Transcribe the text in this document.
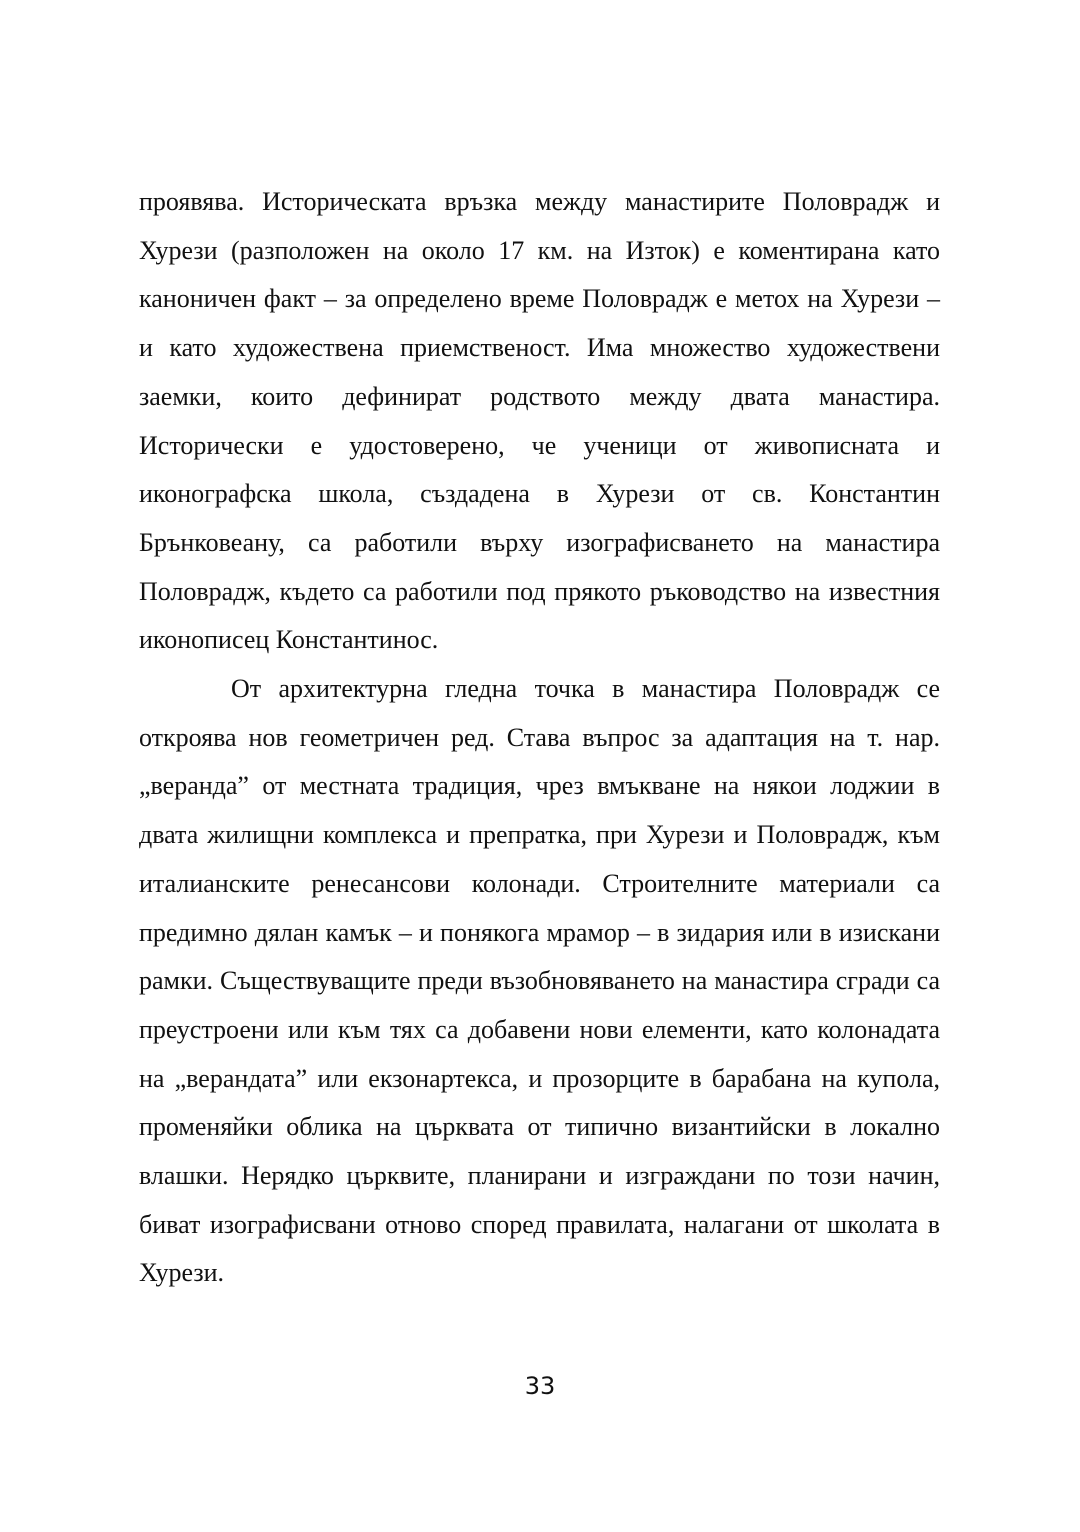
проявява. Историческата връзка между манастирите Половрадж и Хурези (разположен на около 17 км. на Изток) е коментирана като каноничен факт – за определено време Половрадж е метох на Хурези – и като художествена приемственост. Има множество художествени заемки, които дефинират родството между двата манастира. Исторически е удостоверено, че ученици от живописната и иконографска школа, създадена в Хурези от св. Константин Брънковеану, са работили върху изографисването на манастира Половрадж, където са работили под прякото ръководство на известния иконописец Константинос.

От архитектурна гледна точка в манастира Половрадж се откроява нов геометричен ред. Става въпрос за адаптация на т. нар. „веранда” от местната традиция, чрез вмъкване на някои лоджии в двата жилищни комплекса и препратка, при Хурези и Половрадж, към италианските ренесансови колонади. Строителните материали са предимно дялан камък – и понякога мрамор – в зидария или в изискани рамки. Съществуващите преди възобновяването на манастира сгради са преустроени или към тях са добавени нови елементи, като колонадата на „верандата” или екзонартекса, и прозорците в барабана на купола, променяйки облика на църквата от типично византийски в локално влашки. Нерядко църквите, планирани и изграждани по този начин, биват изографисвани отново според правилата, налагани от школата в Хурези.

33
